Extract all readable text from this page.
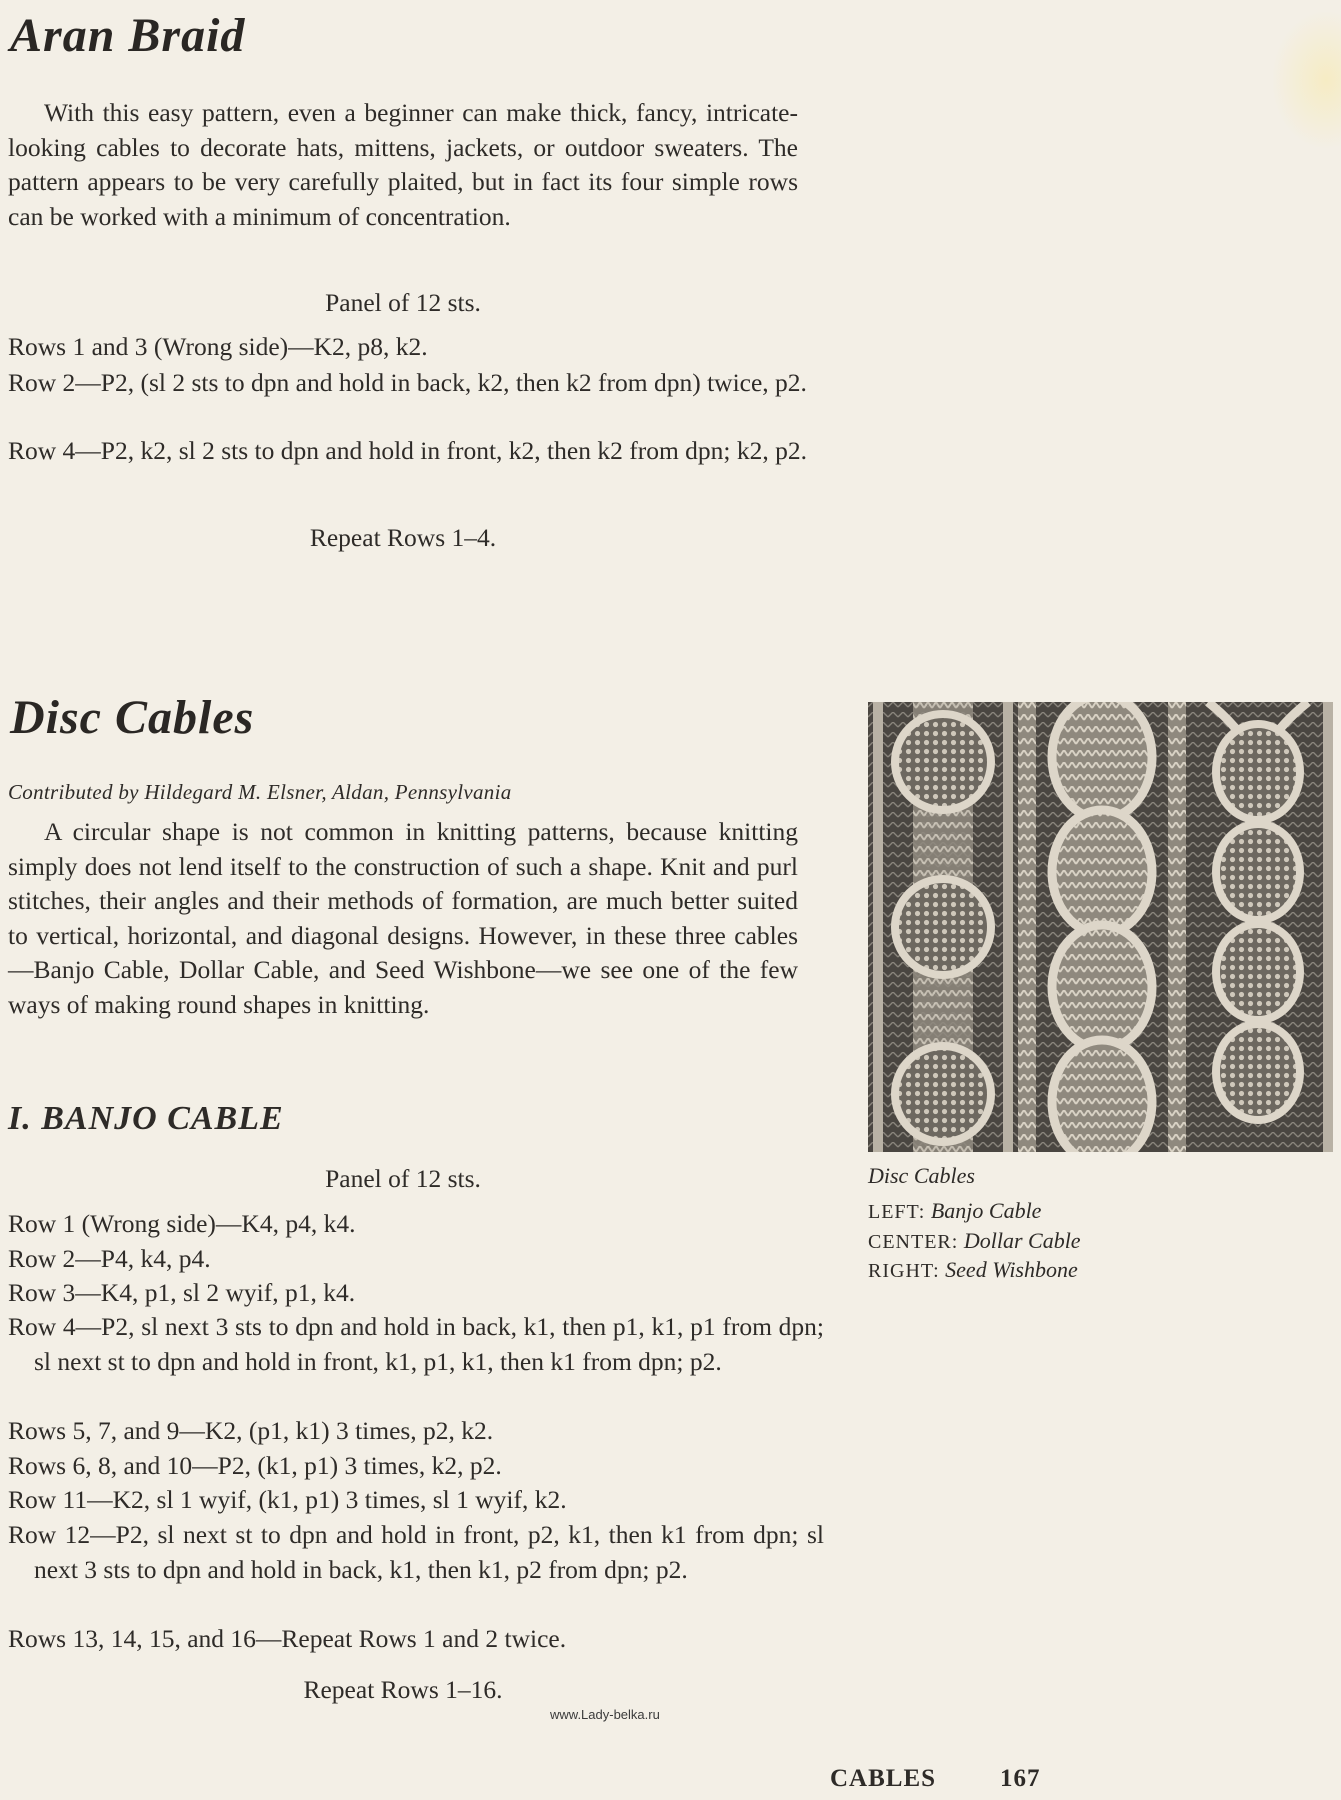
Aran Braid

With this easy pattern, even a beginner can make thick, fancy, intricate-looking cables to decorate hats, mittens, jackets, or outdoor sweaters. The pattern appears to be very carefully plaited, but in fact its four simple rows can be worked with a minimum of concentration.

Panel of 12 sts.

Rows 1 and 3 (Wrong side)—K2, p8, k2.

Row 2—P2, (sl 2 sts to dpn and hold in back, k2, then k2 from dpn) twice, p2.

Row 4—P2, k2, sl 2 sts to dpn and hold in front, k2, then k2 from dpn; k2, p2.

Repeat Rows 1–4.

Disc Cables

Contributed by Hildegard M. Elsner, Aldan, Pennsylvania

A circular shape is not common in knitting patterns, because knitting simply does not lend itself to the construction of such a shape. Knit and purl stitches, their angles and their methods of formation, are much better suited to vertical, horizontal, and diagonal designs. However, in these three cables—Banjo Cable, Dollar Cable, and Seed Wishbone—we see one of the few ways of making round shapes in knitting.

I. BANJO CABLE

Panel of 12 sts.

Row 1 (Wrong side)—K4, p4, k4.

Row 2—P4, k4, p4.

Row 3—K4, p1, sl 2 wyif, p1, k4.

Row 4—P2, sl next 3 sts to dpn and hold in back, k1, then p1, k1, p1 from dpn; sl next st to dpn and hold in front, k1, p1, k1, then k1 from dpn; p2.

Rows 5, 7, and 9—K2, (p1, k1) 3 times, p2, k2.

Rows 6, 8, and 10—P2, (k1, p1) 3 times, k2, p2.

Row 11—K2, sl 1 wyif, (k1, p1) 3 times, sl 1 wyif, k2.

Row 12—P2, sl next st to dpn and hold in front, p2, k1, then k1 from dpn; sl next 3 sts to dpn and hold in back, k1, then k1, p2 from dpn; p2.

Rows 13, 14, 15, and 16—Repeat Rows 1 and 2 twice.

Repeat Rows 1–16.

Disc Cables

LEFT: Banjo Cable

CENTER: Dollar Cable

RIGHT: Seed Wishbone

www.Lady-belka.ru

CABLES	167
